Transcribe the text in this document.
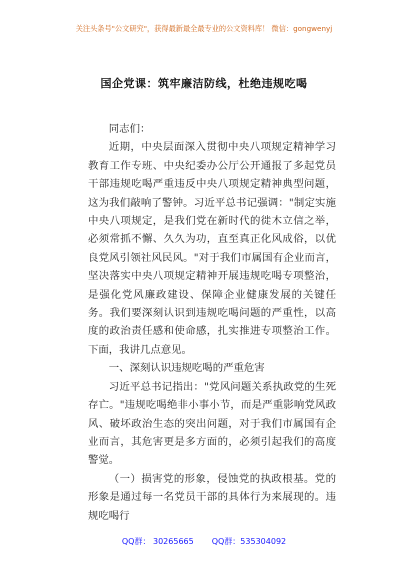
关注头条号"公文研究"，获得最新最全最专业的公文资料库！ 微信：gongwenyj
国企党课：筑牢廉洁防线，杜绝违规吃喝

同志们：

近期，中央层面深入贯彻中央八项规定精神学习教育工作专班、中央纪委办公厅公开通报了多起党员干部违规吃喝严重违反中央八项规定精神典型问题，这为我们敲响了警钟。习近平总书记强调："制定实施中央八项规定，是我们党在新时代的徙木立信之举，必须常抓不懈、久久为功，直至真正化风成俗，以优良党风引领社风民风。"对于我们市属国有企业而言，坚决落实中央八项规定精神开展违规吃喝专项整治，是强化党风廉政建设、保障企业健康发展的关键任务。我们要深刻认识到违规吃喝问题的严重性，以高度的政治责任感和使命感，扎实推进专项整治工作。下面，我讲几点意见。

一、深刻认识违规吃喝的严重危害

习近平总书记指出："党风问题关系执政党的生死存亡。"违规吃喝绝非小事小节，而是严重影响党风政风、破坏政治生态的突出问题，对于我们市属国有企业而言，其危害更是多方面的，必须引起我们的高度警觉。

（一）损害党的形象，侵蚀党的执政根基。党的形象是通过每一名党员干部的具体行为来展现的。违规吃喝行

QQ群： 30265665 QQ群：535304092
